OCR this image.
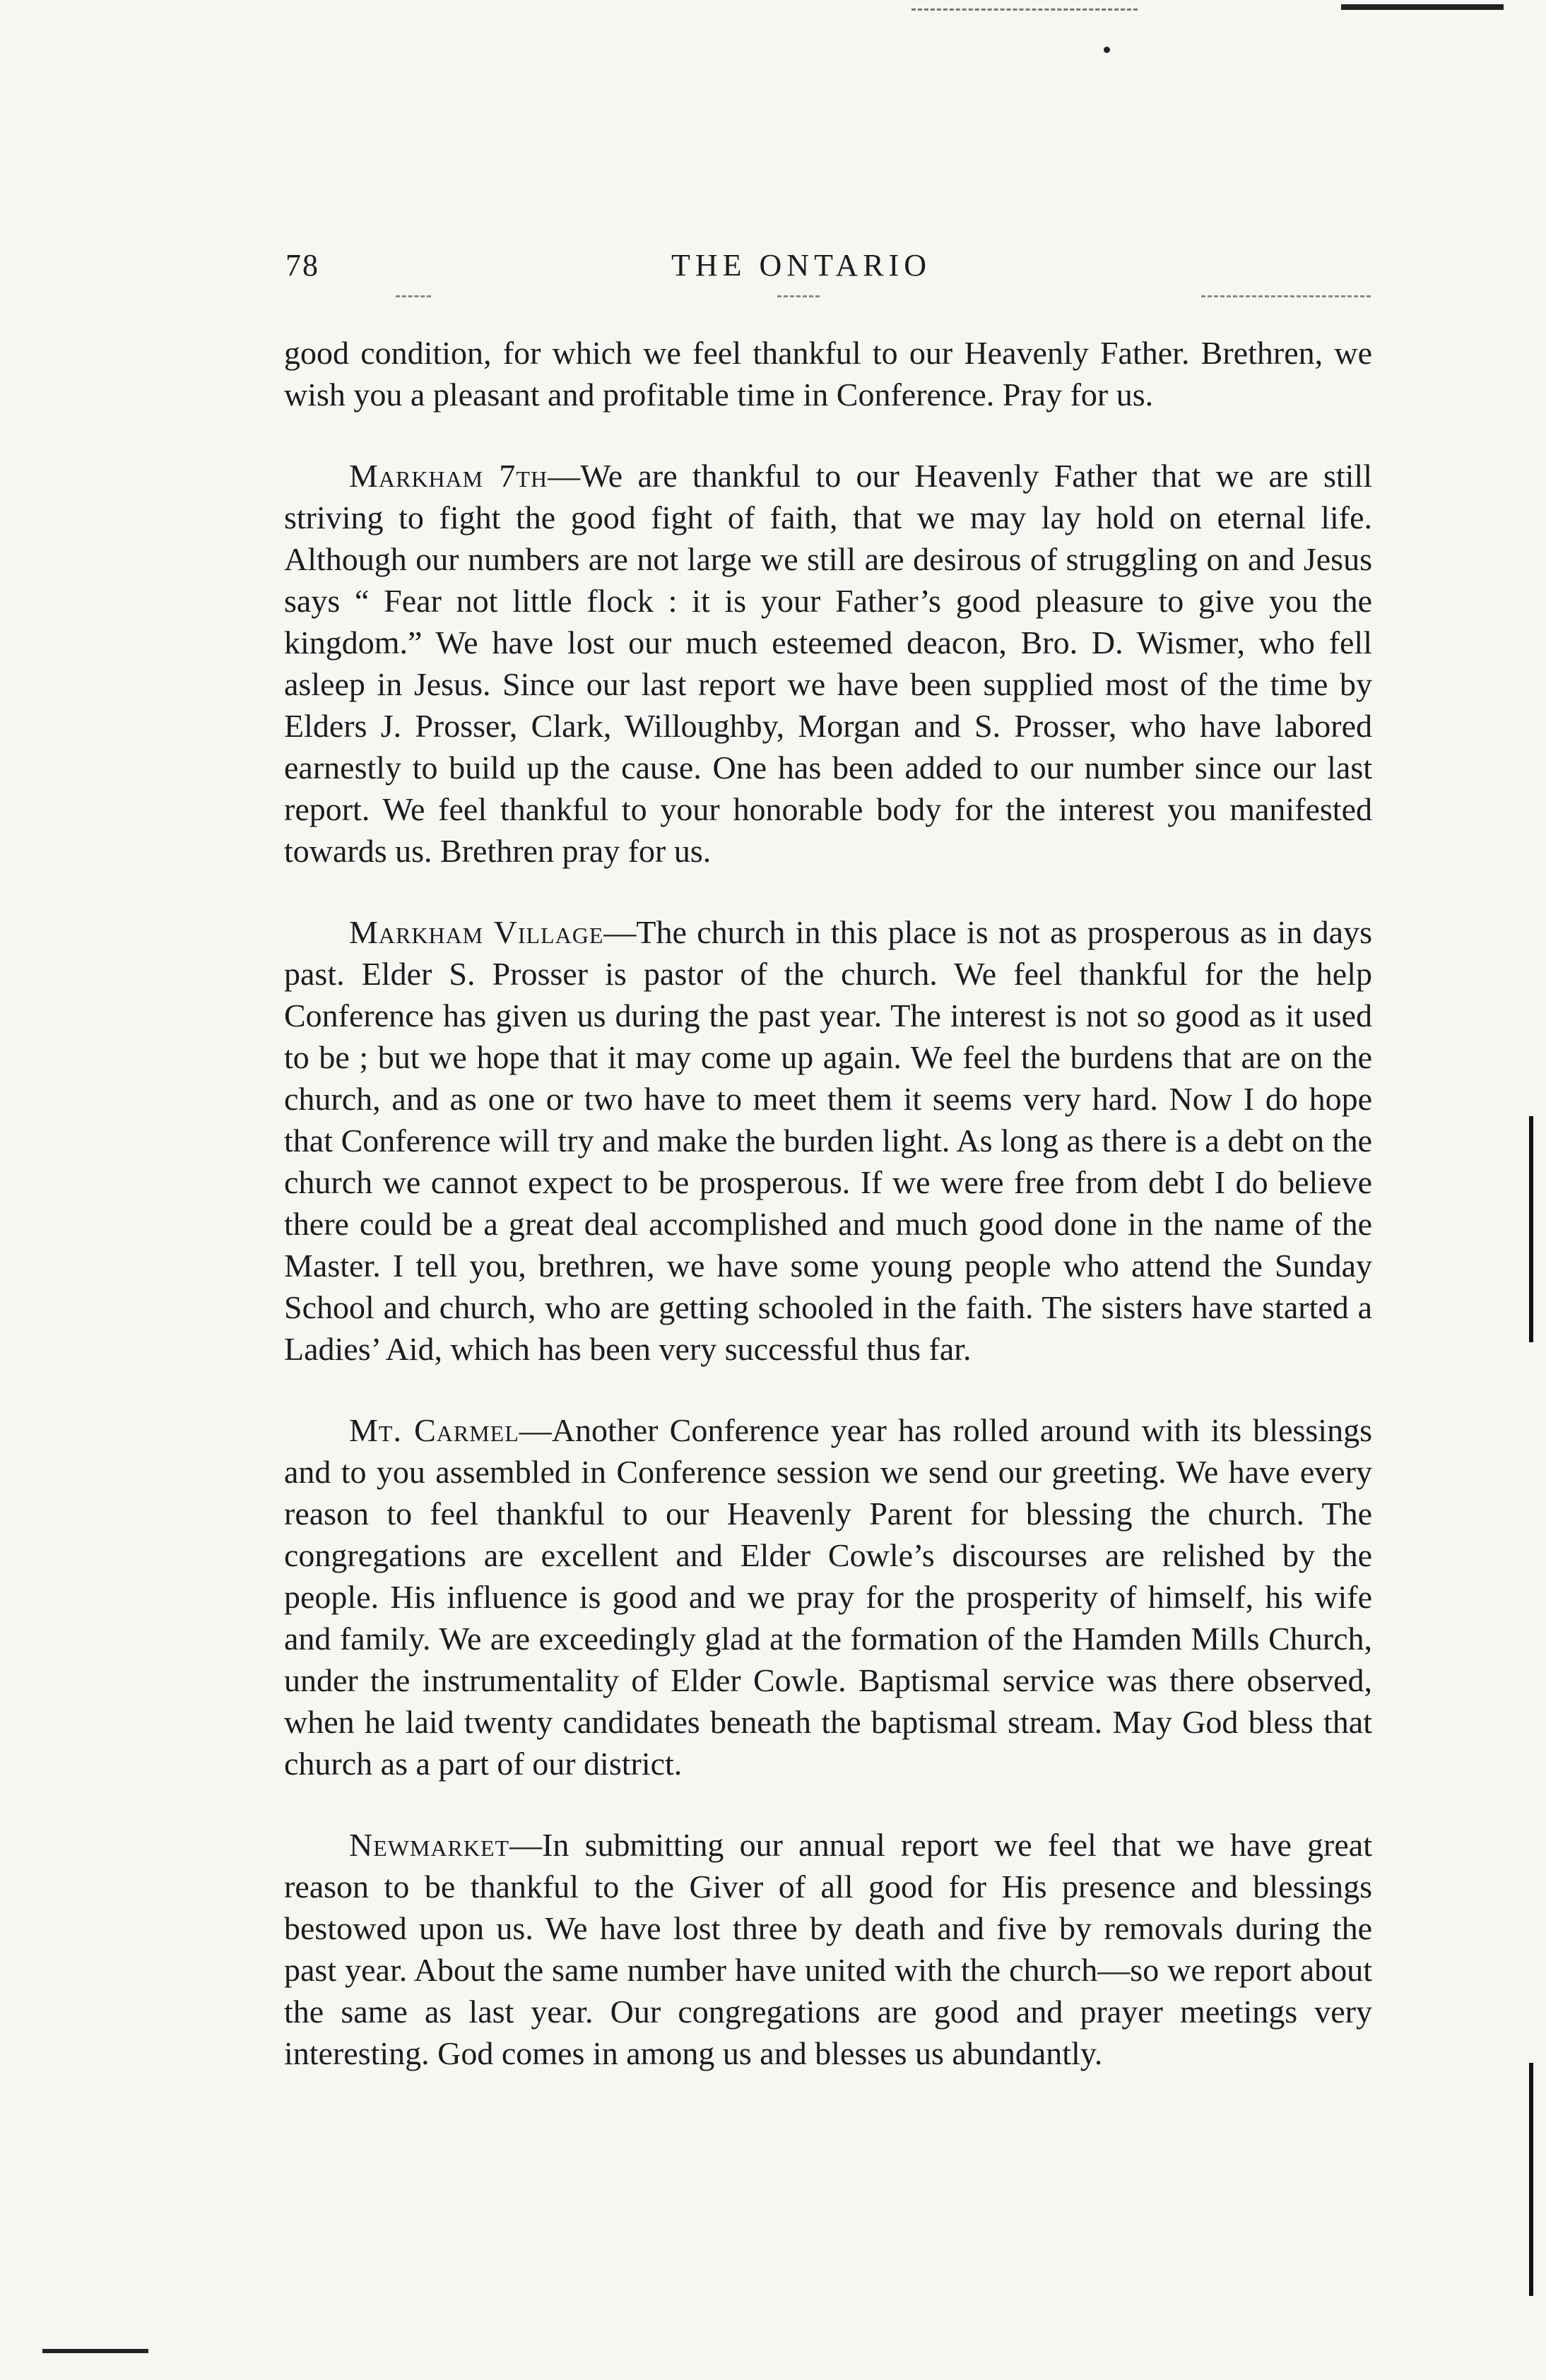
78	THE ONTARIO

good condition, for which we feel thankful to our Heavenly Father. Brethren, we wish you a pleasant and profitable time in Conference. Pray for us.

Markham 7th—We are thankful to our Heavenly Father that we are still striving to fight the good fight of faith, that we may lay hold on eternal life. Although our numbers are not large we still are desirous of struggling on and Jesus says “ Fear not little flock : it is your Father’s good pleasure to give you the kingdom.” We have lost our much esteemed deacon, Bro. D. Wismer, who fell asleep in Jesus. Since our last report we have been supplied most of the time by Elders J. Prosser, Clark, Willoughby, Morgan and S. Prosser, who have labored earnestly to build up the cause. One has been added to our number since our last report. We feel thankful to your honorable body for the interest you manifested towards us. Brethren pray for us.

Markham Village—The church in this place is not as prosperous as in days past. Elder S. Prosser is pastor of the church. We feel thankful for the help Conference has given us during the past year. The interest is not so good as it used to be ; but we hope that it may come up again. We feel the burdens that are on the church, and as one or two have to meet them it seems very hard. Now I do hope that Conference will try and make the burden light. As long as there is a debt on the church we cannot expect to be prosperous. If we were free from debt I do believe there could be a great deal accomplished and much good done in the name of the Master. I tell you, brethren, we have some young people who attend the Sunday School and church, who are getting schooled in the faith. The sisters have started a Ladies’ Aid, which has been very successful thus far.

Mt. Carmel—Another Conference year has rolled around with its blessings and to you assembled in Conference session we send our greeting. We have every reason to feel thankful to our Heavenly Parent for blessing the church. The congregations are excellent and Elder Cowle’s discourses are relished by the people. His influence is good and we pray for the prosperity of himself, his wife and family. We are exceedingly glad at the formation of the Hamden Mills Church, under the instrumentality of Elder Cowle. Baptismal service was there observed, when he laid twenty candidates beneath the baptismal stream. May God bless that church as a part of our district.

Newmarket—In submitting our annual report we feel that we have great reason to be thankful to the Giver of all good for His presence and blessings bestowed upon us. We have lost three by death and five by removals during the past year. About the same number have united with the church—so we report about the same as last year. Our congregations are good and prayer meetings very interesting. God comes in among us and blesses us abundantly.
